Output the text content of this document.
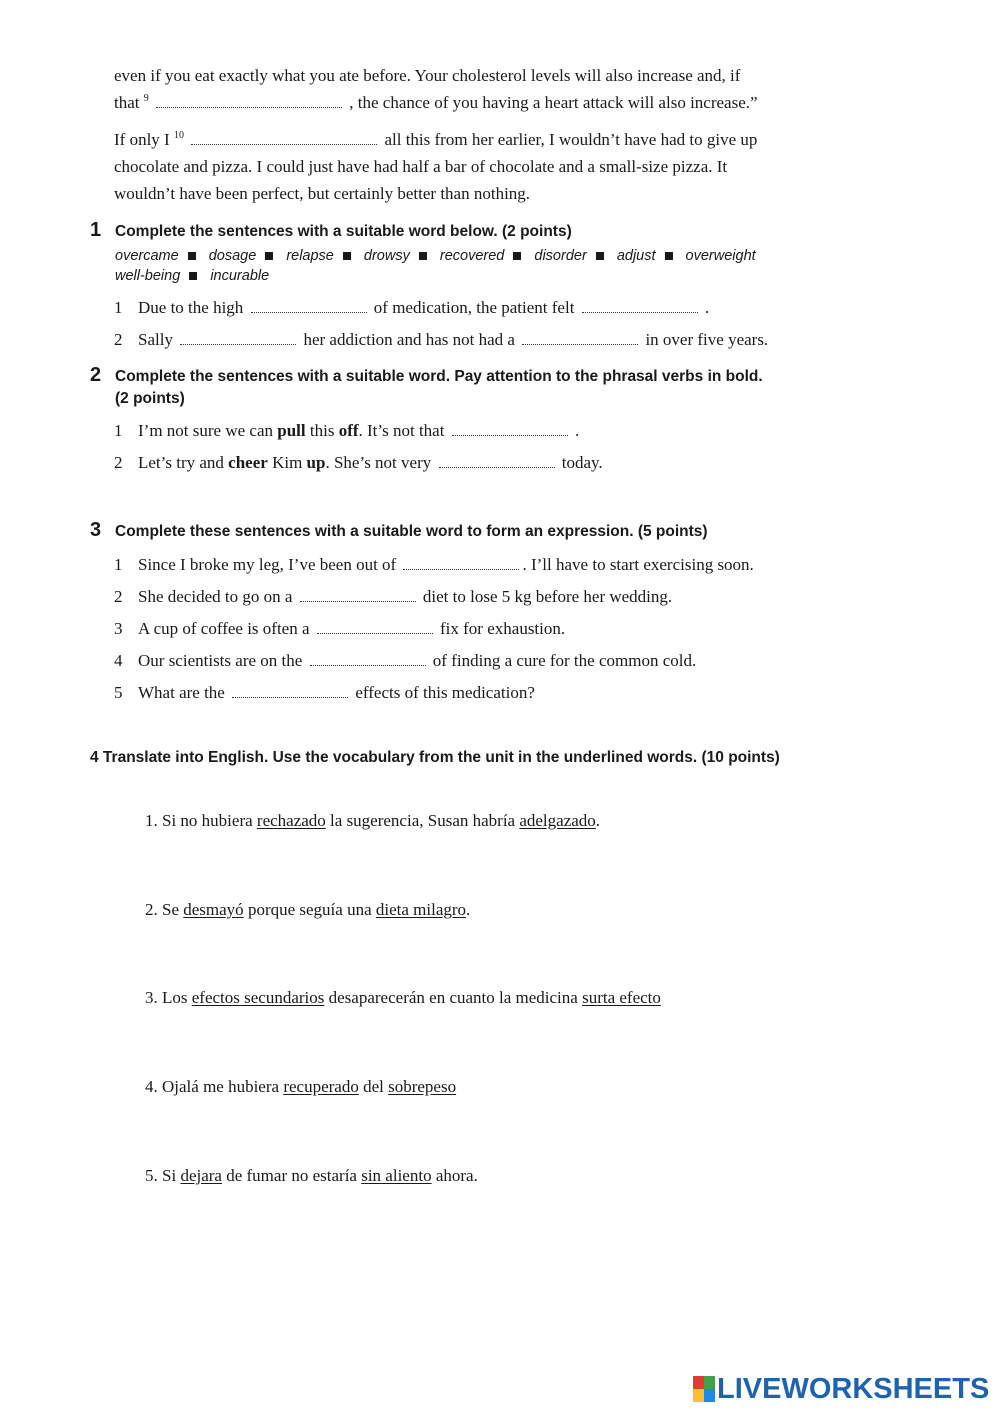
even if you eat exactly what you ate before. Your cholesterol levels will also increase and, if
that $^9$	, the chance of you having a heart attack will also increase.”
If only I $^{10}$	all this from her earlier, I wouldn’t have had to give up
chocolate and pizza. I could just have had half a bar of chocolate and a small-size pizza. It
wouldn’t have been perfect, but certainly better than nothing.
1 Complete the sentences with a suitable word below. (2 points)
overcame dosage relapse drowsy recovered disorder adjust overweight
well-being incurable
1 Due to the high	of medication, the patient felt	.
2 Sally	her addiction and has not had a	in over five years.
2 Complete the sentences with a suitable word. Pay attention to the phrasal verbs in bold.
(2 points)
1 I’m not sure we can pull this off. It’s not that	.
2 Let’s try and cheer Kim up. She’s not very	today.
3 Complete these sentences with a suitable word to form an expression. (5 points)
1 Since I broke my leg, I’ve been out of	. I’ll have to start exercising soon.
2 She decided to go on a	diet to lose 5 kg before her wedding.
3 A cup of coffee is often a	fix for exhaustion.
4 Our scientists are on the	of finding a cure for the common cold.
5 What are the	effects of this medication?
4 Translate into English. Use the vocabulary from the unit in the underlined words. (10 points)
1. Si no hubiera rechazado la sugerencia, Susan habría adelgazado.
2. Se desmayó porque seguía una dieta milagro.
3. Los efectos secundarios desaparecerán en cuanto la medicina surta efecto
4. Ojalá me hubiera recuperado del sobrepeso
5. Si dejara de fumar no estaría sin aliento ahora.
LIVEWORKSHEETS
